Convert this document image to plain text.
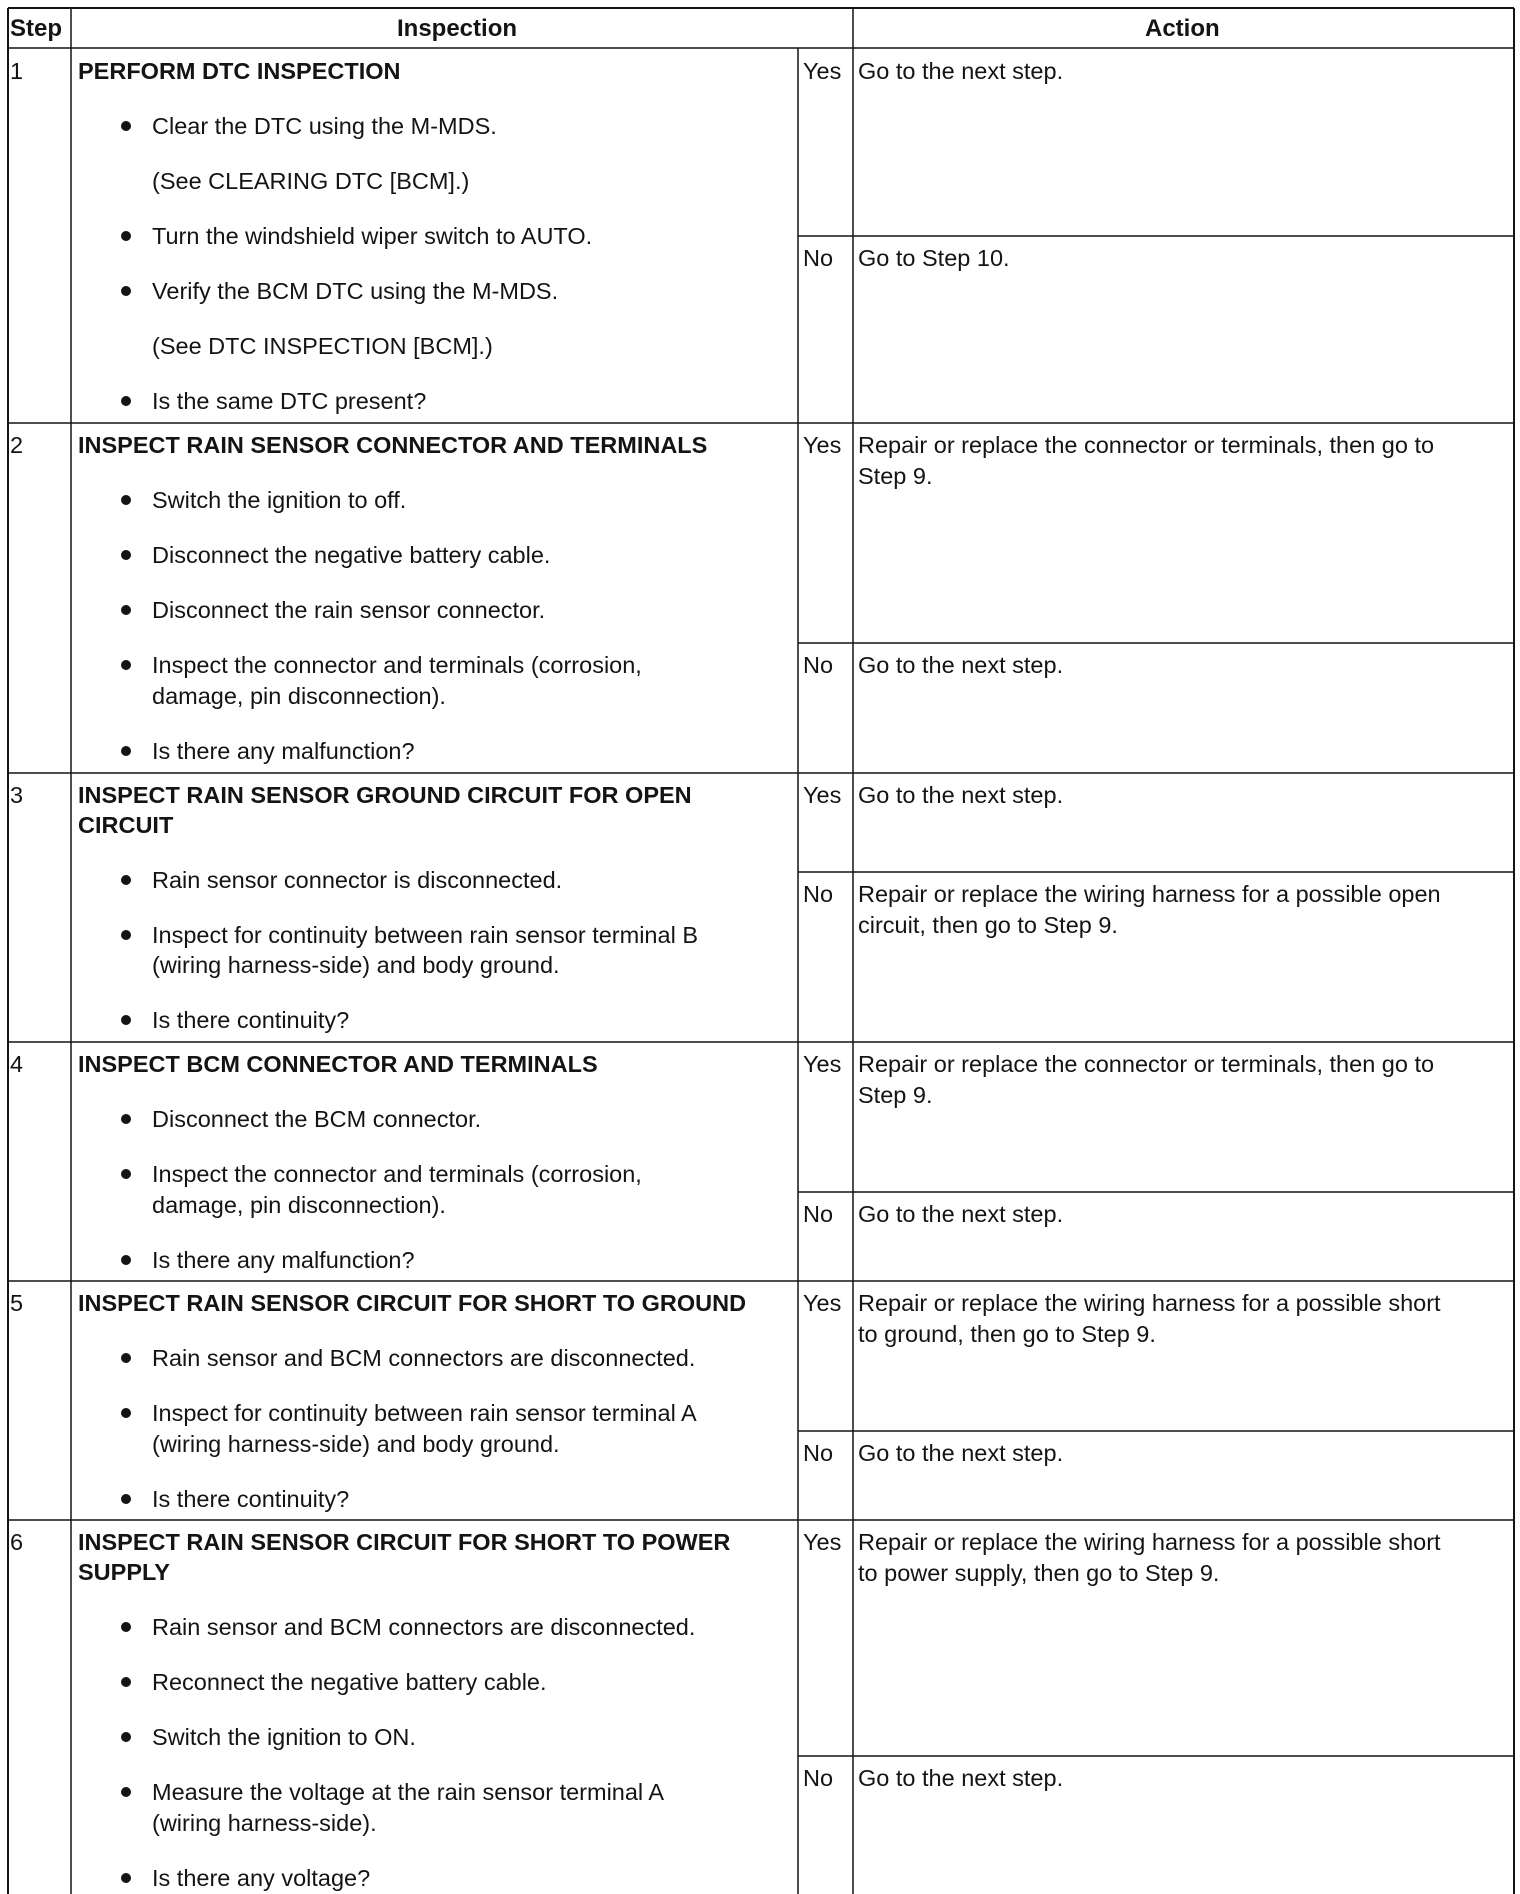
Step	Inspection	Action
1 PERFORM DTC INSPECTION
Clear the DTC using the M-MDS.
(See CLEARING DTC [BCM].)
Turn the windshield wiper switch to AUTO.
Verify the BCM DTC using the M-MDS.
(See DTC INSPECTION [BCM].)
Is the same DTC present?
Yes Go to the next step.
No Go to Step 10.
2 INSPECT RAIN SENSOR CONNECTOR AND TERMINALS
Switch the ignition to off.
Disconnect the negative battery cable.
Disconnect the rain sensor connector.
Inspect the connector and terminals (corrosion,
damage, pin disconnection).
Is there any malfunction?
Yes Repair or replace the connector or terminals, then go to
Step 9.
No Go to the next step.
3 INSPECT RAIN SENSOR GROUND CIRCUIT FOR OPEN
CIRCUIT
Rain sensor connector is disconnected.
Inspect for continuity between rain sensor terminal B
(wiring harness-side) and body ground.
Is there continuity?
Yes Go to the next step.
No Repair or replace the wiring harness for a possible open
circuit, then go to Step 9.
4 INSPECT BCM CONNECTOR AND TERMINALS
Disconnect the BCM connector.
Inspect the connector and terminals (corrosion,
damage, pin disconnection).
Is there any malfunction?
Yes Repair or replace the connector or terminals, then go to
Step 9.
No Go to the next step.
5 INSPECT RAIN SENSOR CIRCUIT FOR SHORT TO GROUND
Rain sensor and BCM connectors are disconnected.
Inspect for continuity between rain sensor terminal A
(wiring harness-side) and body ground.
Is there continuity?
Yes Repair or replace the wiring harness for a possible short
to ground, then go to Step 9.
No Go to the next step.
6 INSPECT RAIN SENSOR CIRCUIT FOR SHORT TO POWER
SUPPLY
Rain sensor and BCM connectors are disconnected.
Reconnect the negative battery cable.
Switch the ignition to ON.
Measure the voltage at the rain sensor terminal A
(wiring harness-side).
Is there any voltage?
Yes Repair or replace the wiring harness for a possible short
to power supply, then go to Step 9.
No Go to the next step.
